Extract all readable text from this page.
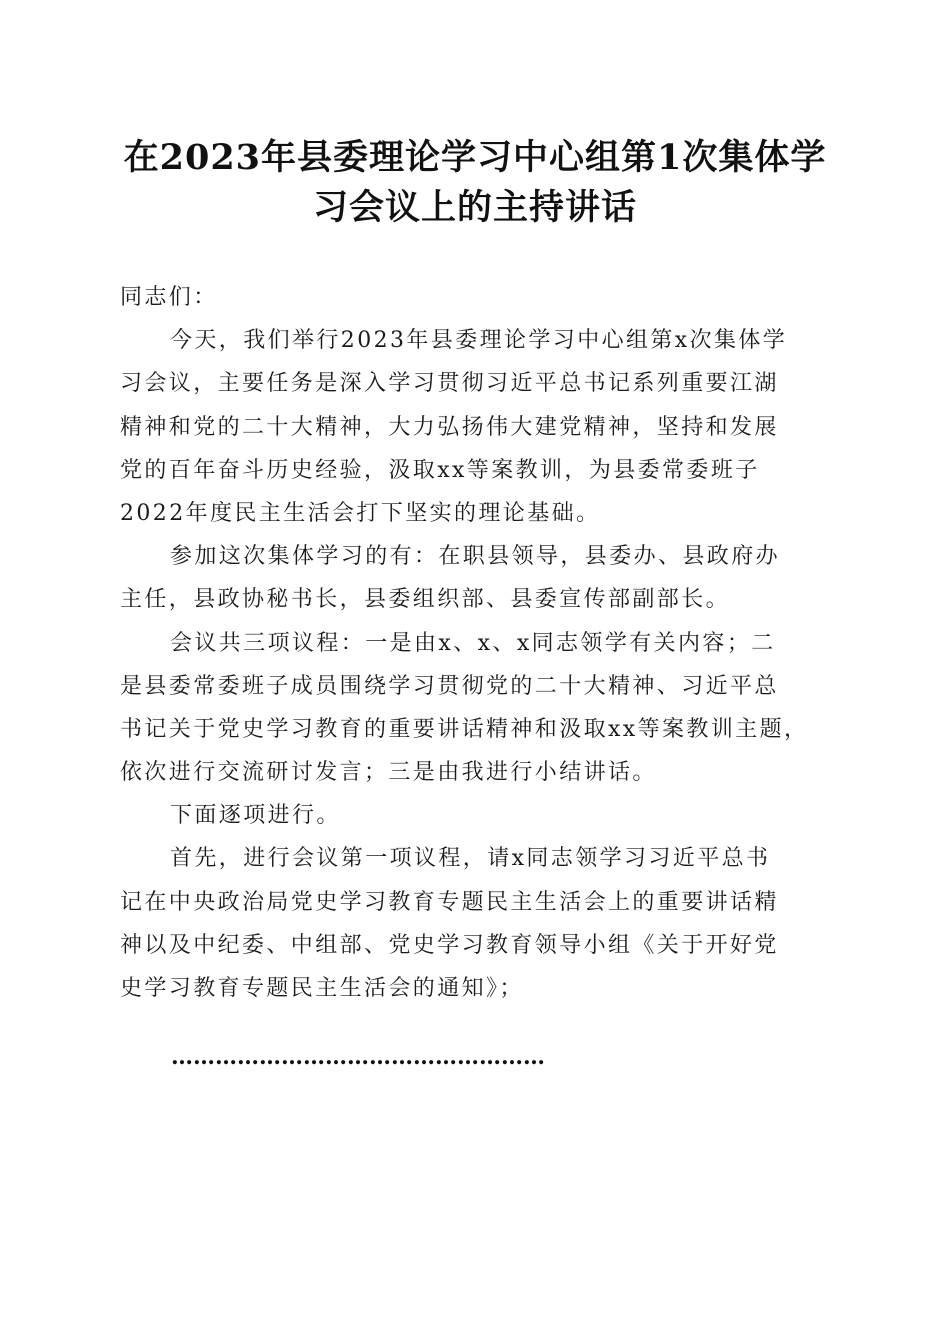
在2023年县委理论学习中心组第1次集体学
习会议上的主持讲话
同志们：
今天，我们举行2023年县委理论学习中心组第x次集体学
习会议，主要任务是深入学习贯彻习近平总书记系列重要江湖
精神和党的二十大精神，大力弘扬伟大建党精神，坚持和发展
党的百年奋斗历史经验，汲取xx等案教训，为县委常委班子
2022年度民主生活会打下坚实的理论基础。
参加这次集体学习的有：在职县领导，县委办、县政府办
主任，县政协秘书长，县委组织部、县委宣传部副部长。
会议共三项议程：一是由x、x、x同志领学有关内容；二
是县委常委班子成员围绕学习贯彻党的二十大精神、习近平总
书记关于党史学习教育的重要讲话精神和汲取xx等案教训主题，
依次进行交流研讨发言；三是由我进行小结讲话。
下面逐项进行。
首先，进行会议第一项议程，请x同志领学习习近平总书
记在中央政治局党史学习教育专题民主生活会上的重要讲话精
神以及中纪委、中组部、党史学习教育领导小组《关于开好党
史学习教育专题民主生活会的通知》；
……………………………………………
